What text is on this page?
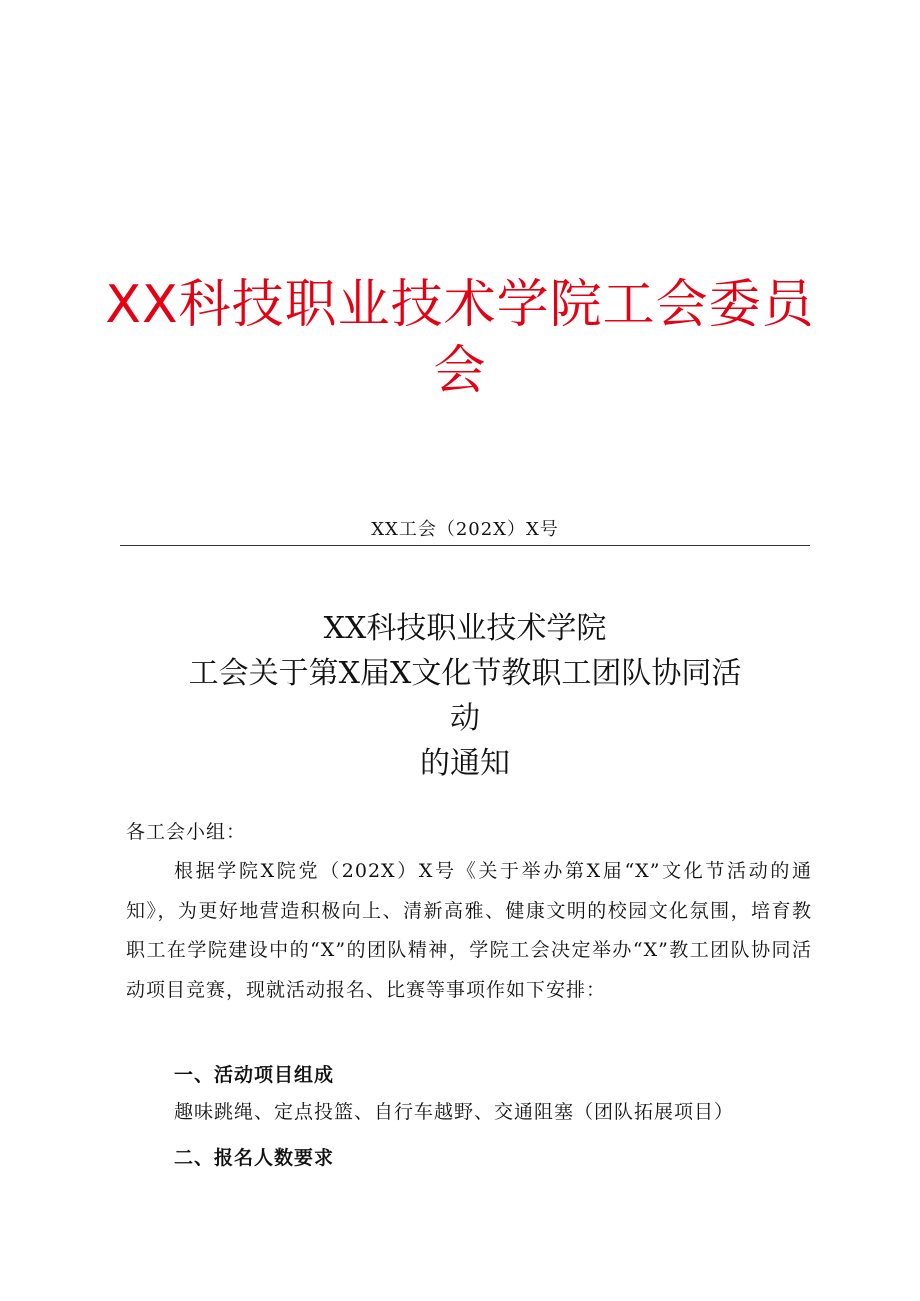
XX科技职业技术学院工会委员会
XX工会（202X）X号
XX科技职业技术学院
工会关于第X届X文化节教职工团队协同活
动
的通知
各工会小组：
根据学院X院党（202X）X号《关于举办第X届“X”文化节活动的通知》，为更好地营造积极向上、清新高雅、健康文明的校园文化氛围，培育教职工在学院建设中的“X”的团队精神，学院工会决定举办“X”教工团队协同活动项目竞赛，现就活动报名、比赛等事项作如下安排：
一、活动项目组成
趣味跳绳、定点投篮、自行车越野、交通阻塞（团队拓展项目）
二、报名人数要求
